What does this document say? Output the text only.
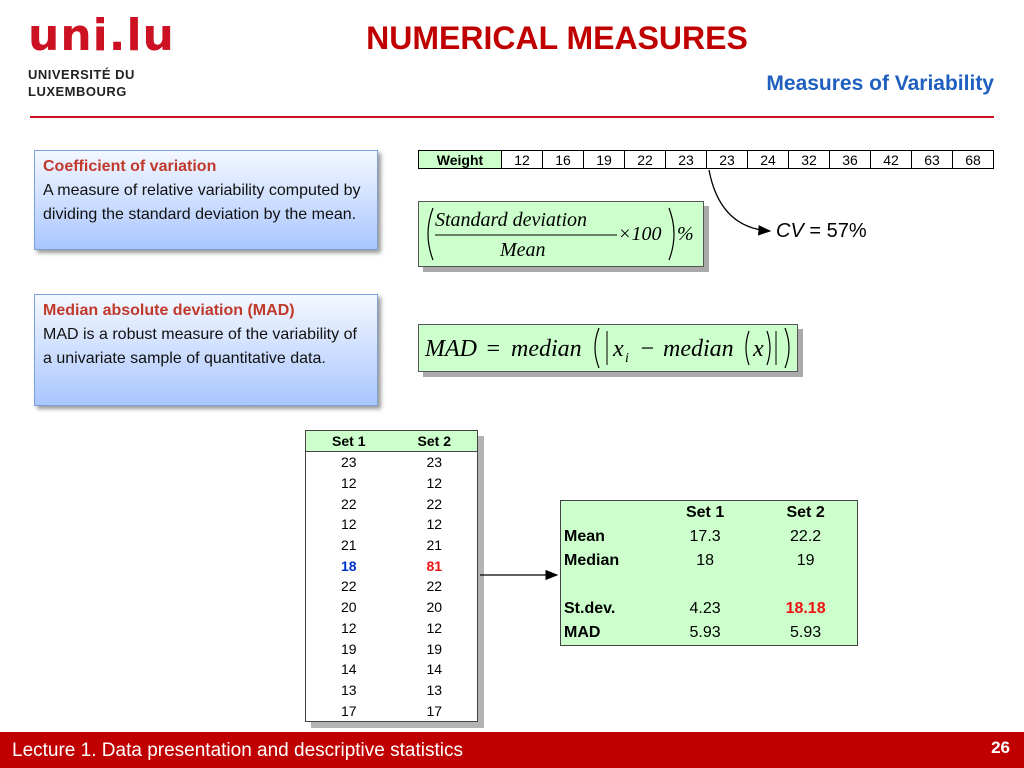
uni.lu
UNIVERSITÉ DU
LUXEMBOURG
NUMERICAL MEASURES
Measures of Variability
Coefficient of variation
A measure of relative variability computed by dividing the standard deviation by the mean.
Median absolute deviation (MAD)
MAD is a robust measure of the variability of a univariate sample of quantitative data.
Weight	12	16	19	22	23	23	24	32	36	42	63	68
Standard deviation
Mean
×100 %	CV = 57%
MAD = median x i − median x
Set 1	Set 2
23	23
12	12
22	22
12	12
21	21
18	81
22	22
20	20
12	12
19	19
14	14
13	13
17	17
	Set 1	Set 2
Mean	17.3	22.2
Median	18	19

St.dev.	4.23	18.18
MAD	5.93	5.93
Lecture 1. Data presentation and descriptive statistics	26
